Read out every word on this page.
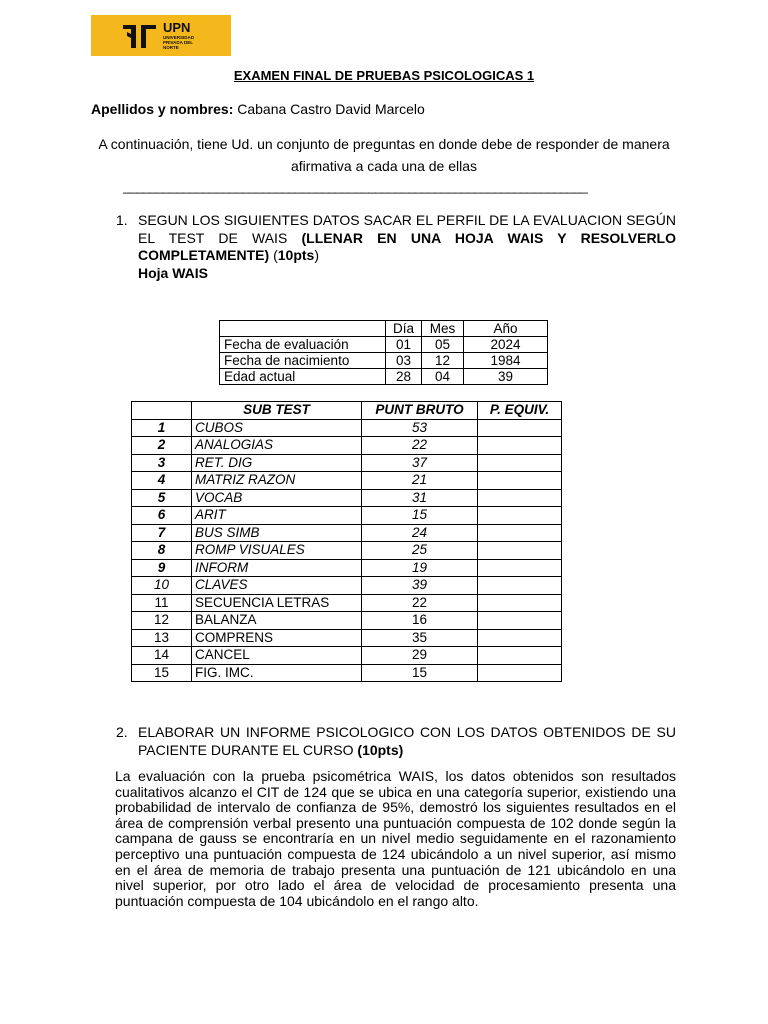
UPN
UNIVERSIDAD PRIVADA DEL NORTE
EXAMEN FINAL DE PRUEBAS PSICOLOGICAS 1
Apellidos y nombres: Cabana Castro David Marcelo
A continuación, tiene Ud. un conjunto de preguntas en donde debe de responder de manera afirmativa a cada una de ellas
______________________________________________________________________
1. SEGUN LOS SIGUIENTES DATOS SACAR EL PERFIL DE LA EVALUACION SEGÚN EL TEST DE WAIS (LLENAR EN UNA HOJA WAIS Y RESOLVERLO COMPLETAMENTE) (10pts)
Hoja WAIS
	Día	Mes	Año
Fecha de evaluación	01	05	2024
Fecha de nacimiento	03	12	1984
Edad actual	28	04	39
	SUB TEST	PUNT BRUTO	P. EQUIV.
1	CUBOS	53	
2	ANALOGIAS	22	
3	RET. DIG	37	
4	MATRIZ RAZON	21	
5	VOCAB	31	
6	ARIT	15	
7	BUS SIMB	24	
8	ROMP VISUALES	25	
9	INFORM	19	
10	CLAVES	39	
11	SECUENCIA LETRAS	22	
12	BALANZA	16	
13	COMPRENS	35	
14	CANCEL	29	
15	FIG. IMC.	15	
2. ELABORAR UN INFORME PSICOLOGICO CON LOS DATOS OBTENIDOS DE SU PACIENTE DURANTE EL CURSO (10pts)
La evaluación con la prueba psicométrica WAIS, los datos obtenidos son resultados cualitativos alcanzo el CIT de 124 que se ubica en una categoría superior, existiendo una probabilidad de intervalo de confianza de 95%, demostró los siguientes resultados en el área de comprensión verbal presento una puntuación compuesta de 102 donde según la campana de gauss se encontraría en un nivel medio seguidamente en el razonamiento perceptivo una puntuación compuesta de 124 ubicándolo a un nivel superior, así mismo en el área de memoria de trabajo presenta una puntuación de 121 ubicándolo en una nivel superior, por otro lado el área de velocidad de procesamiento presenta una puntuación compuesta de 104 ubicándolo en el rango alto.
